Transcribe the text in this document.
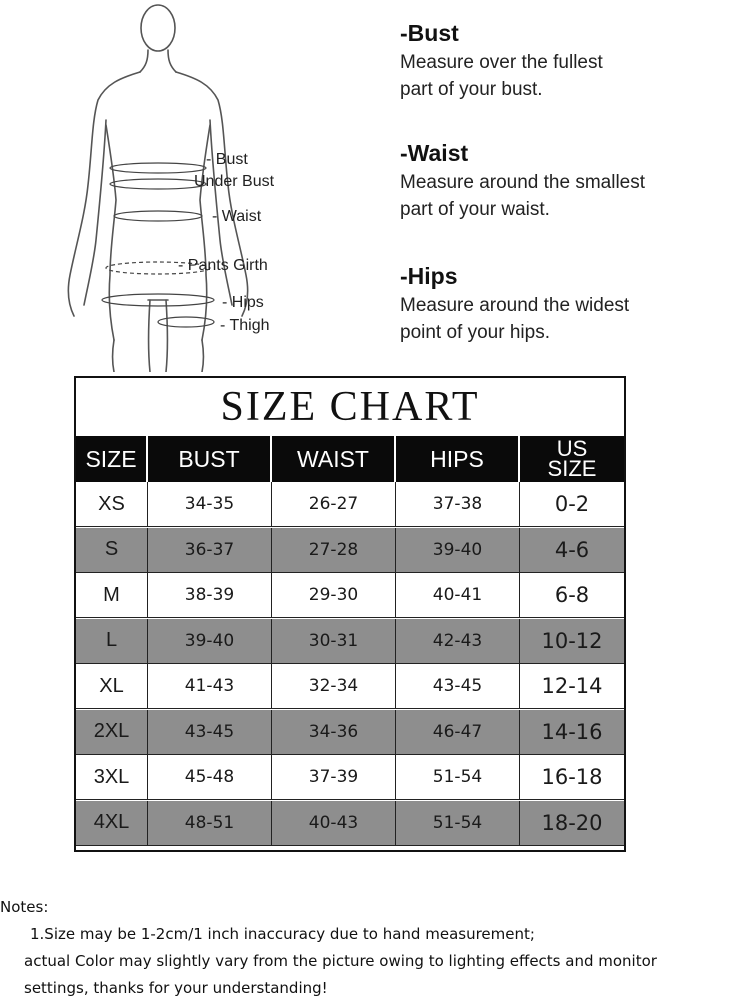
- Bust
Under Bust
- Waist
- Pants Girth
- Hips
- Thigh
-Bust

Measure over the fullest
part of your bust.

-Waist

Measure around the smallest
part of your waist.

-Hips

Measure around the widest
point of your hips.

SIZE CHART
SIZE	BUST	WAIST	HIPS	US
SIZE
XS	34-35	26-27	37-38	0-2
S	36-37	27-28	39-40	4-6
M	38-39	29-30	40-41	6-8
L	39-40	30-31	42-43	10-12
XL	41-43	32-34	43-45	12-14
2XL	43-45	34-36	46-47	14-16
3XL	45-48	37-39	51-54	16-18
4XL	48-51	40-43	51-54	18-20
Notes:
1.Size may be 1-2cm/1 inch inaccuracy due to hand measurement;
actual Color may slightly vary from the picture owing to lighting effects and monitor
settings, thanks for your understanding!
